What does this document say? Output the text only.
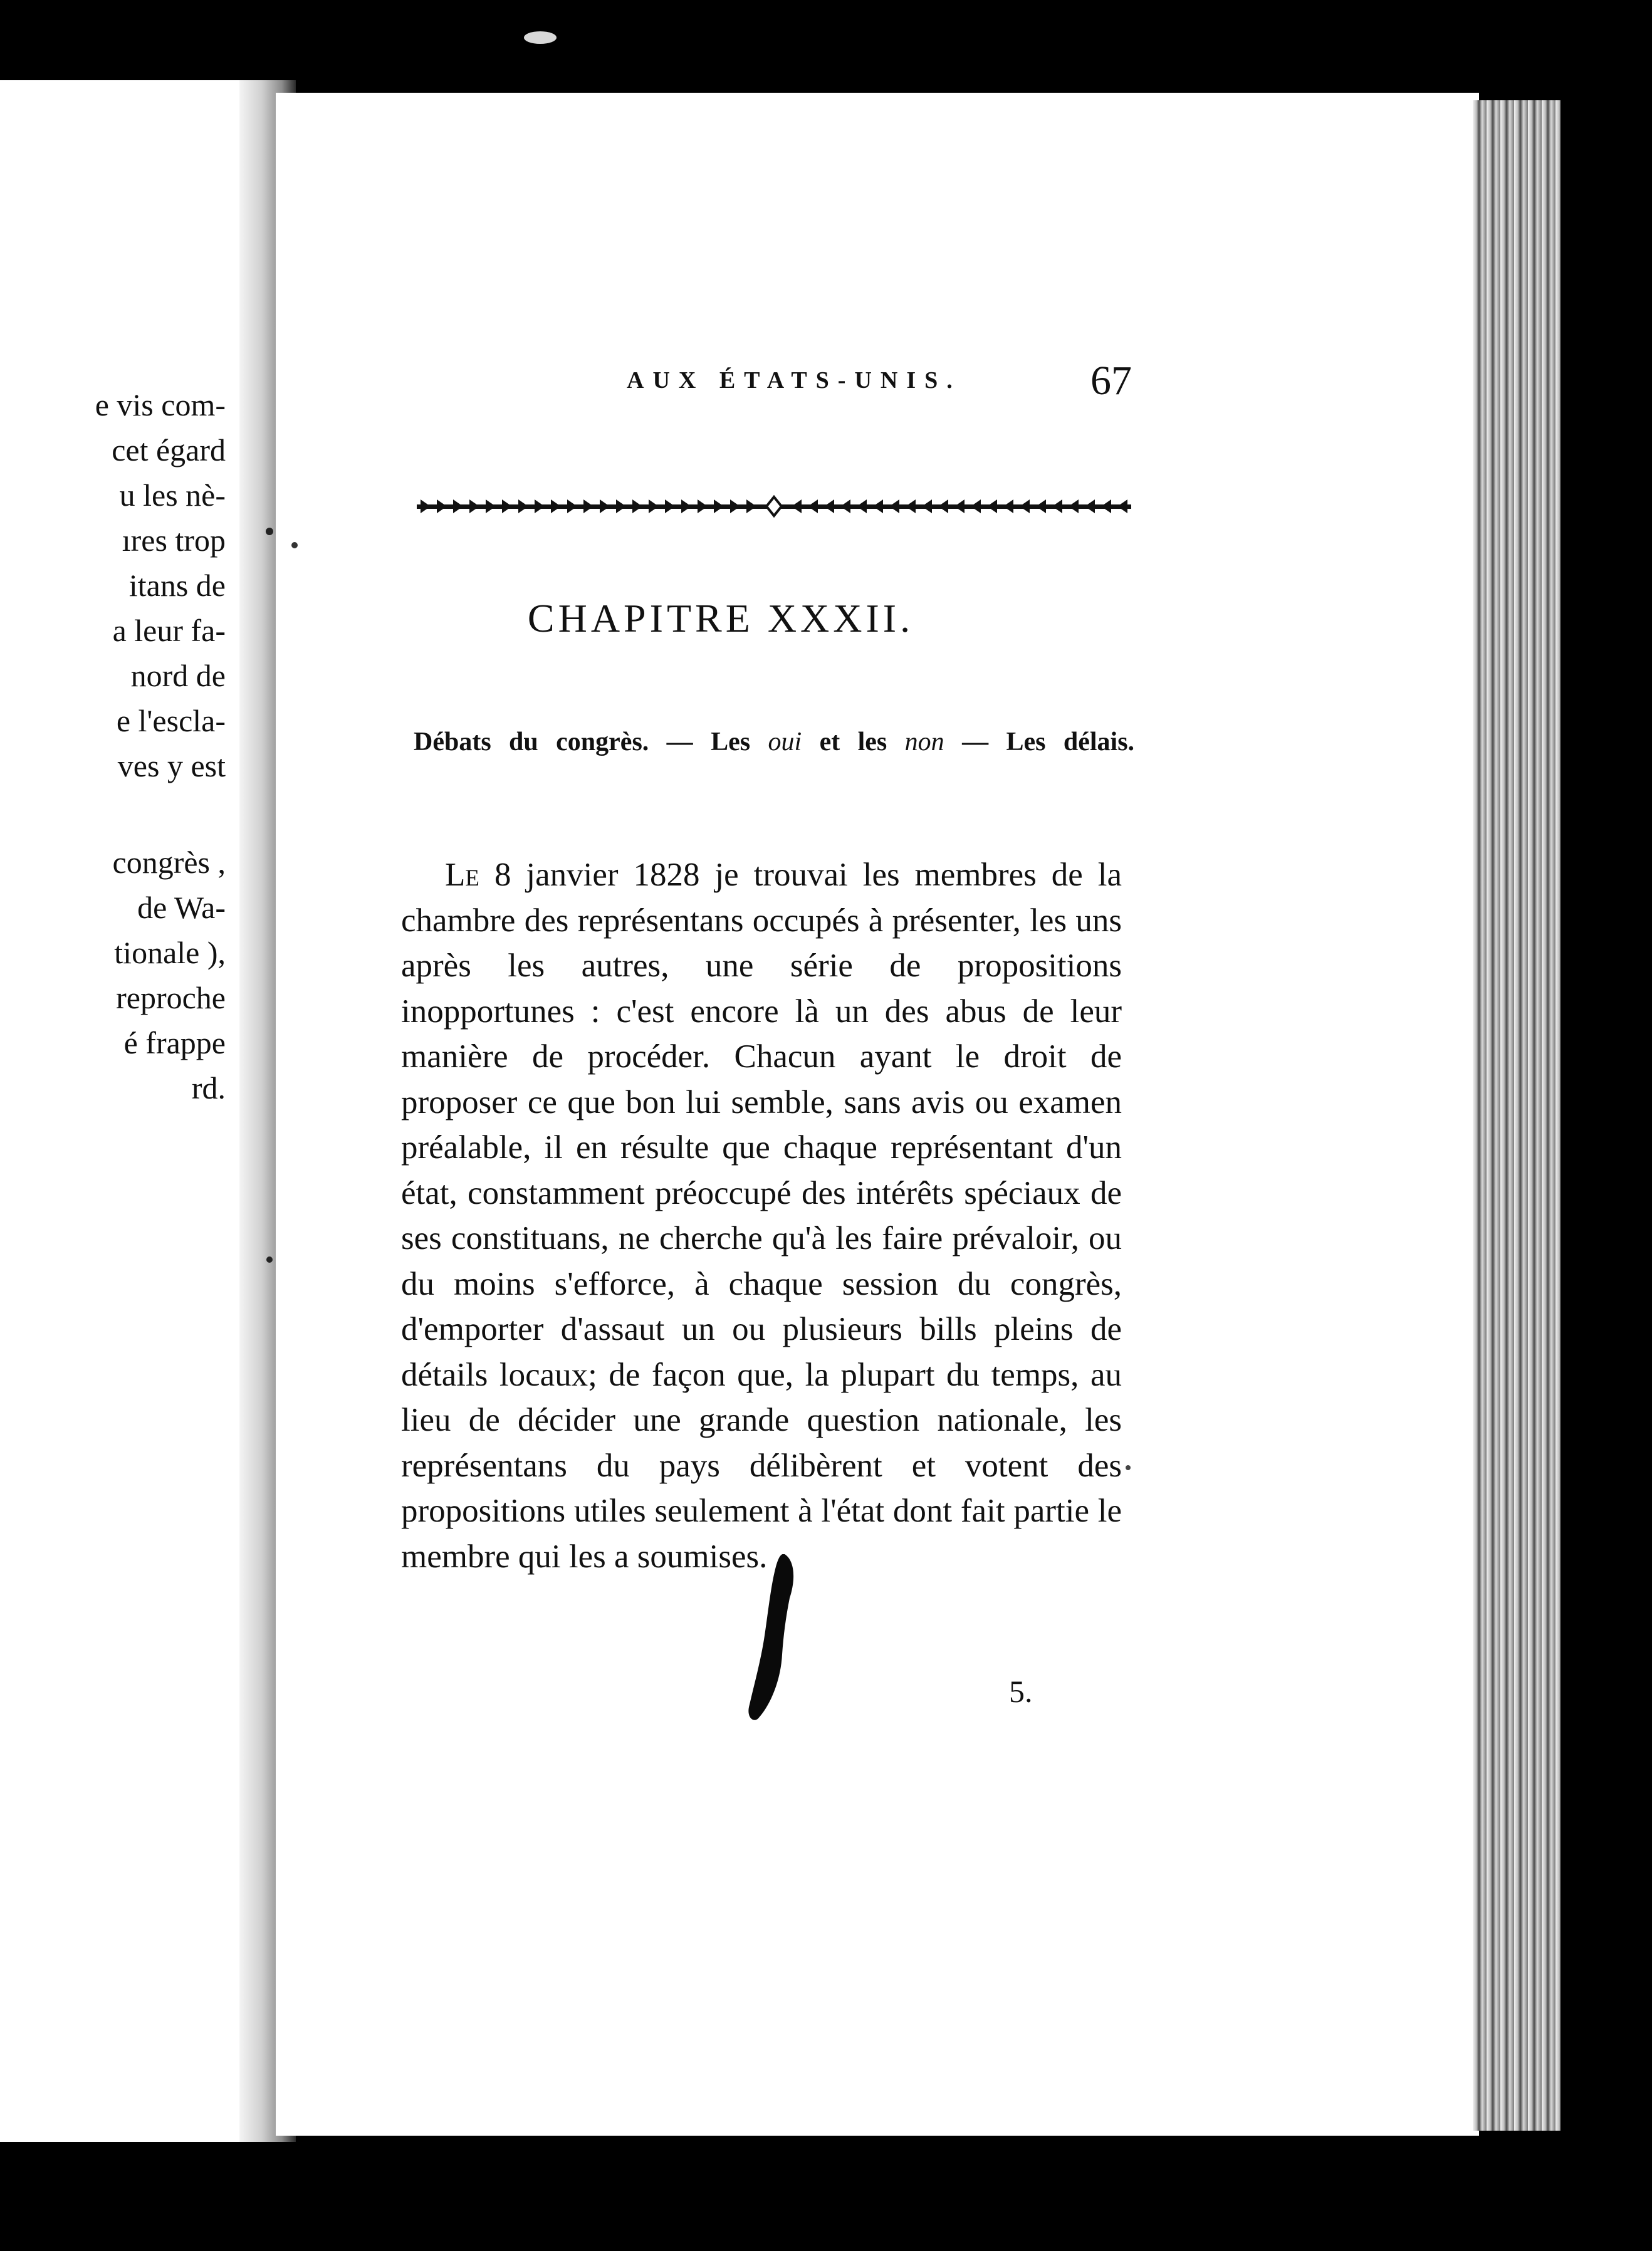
e vis com-
cet égard
u les nè-
ıres trop
itans de
a leur fa-
nord de
e l'escla-
ves y est
congrès ,
de Wa-
tionale ),
reproche
é frappe
rd.
AUX ÉTATS-UNIS.	67
CHAPITRE XXXII.
Débats du congrès. — Les oui et les non — Les délais.
Le 8 janvier 1828 je trouvai les membres de la chambre des représentans occupés à présenter, les uns après les autres, une série de propositions inopportunes : c'est encore là un des abus de leur manière de procéder. Chacun ayant le droit de proposer ce que bon lui semble, sans avis ou examen préalable, il en résulte que chaque représentant d'un état, constamment préoccupé des intérêts spéciaux de ses constituans, ne cherche qu'à les faire prévaloir, ou du moins s'efforce, à chaque session du congrès, d'emporter d'assaut un ou plusieurs bills pleins de détails locaux; de façon que, la plupart du temps, au lieu de décider une grande question nationale, les représentans du pays délibèrent et votent des propositions utiles seulement à l'état dont fait partie le membre qui les a soumises.
5.
